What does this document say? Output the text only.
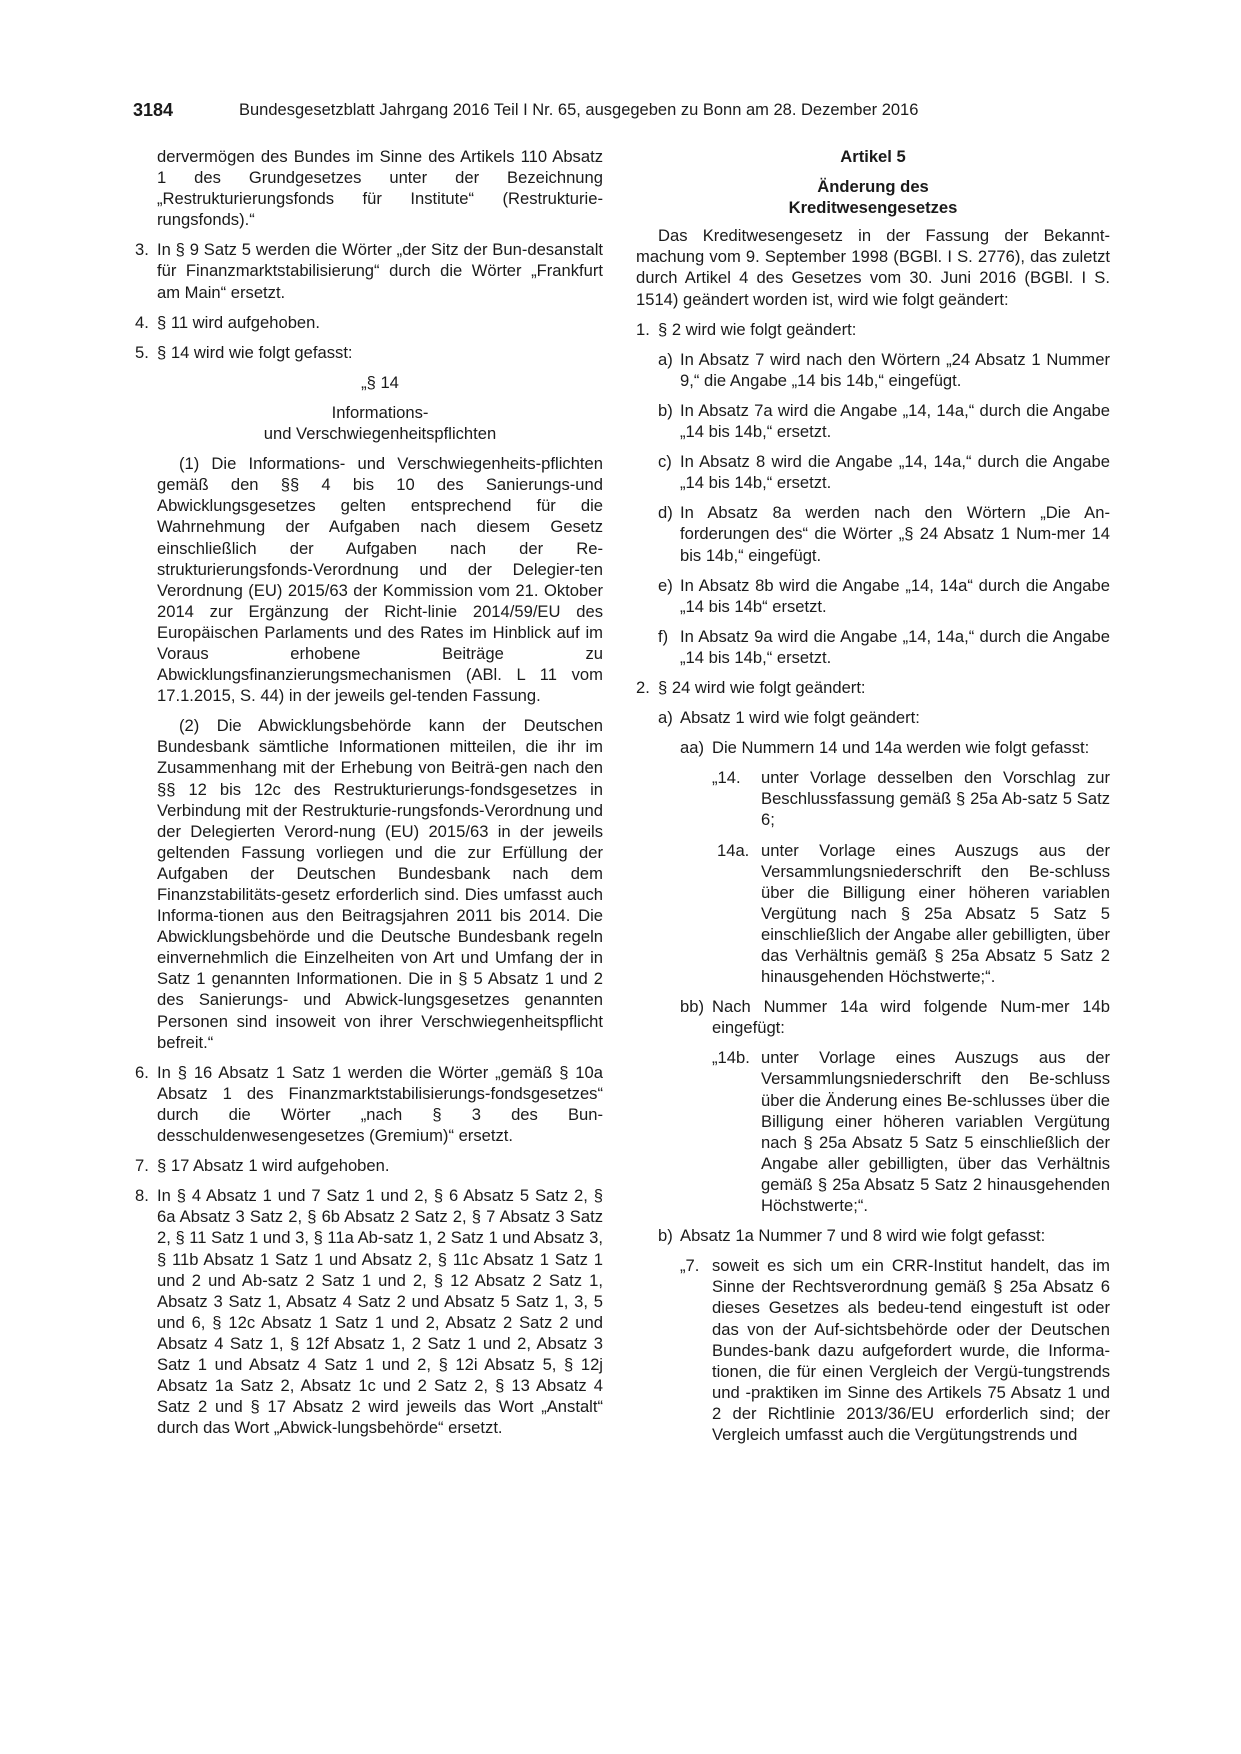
3184	Bundesgesetzblatt Jahrgang 2016 Teil I Nr. 65, ausgegeben zu Bonn am 28. Dezember 2016

dervermögen des Bundes im Sinne des Artikels 110 Absatz 1 des Grundgesetzes unter der Bezeichnung „Restrukturierungsfonds für Institute“ (Restrukturie-​rungsfonds).“

3. In § 9 Satz 5 werden die Wörter „der Sitz der Bun-​desanstalt für Finanzmarktstabilisierung“ durch die Wörter „Frankfurt am Main“ ersetzt.

4. § 11 wird aufgehoben.

5. § 14 wird wie folgt gefasst:

„§ 14

Informations-

und Verschwiegenheitspflichten

(1) Die Informations- und Verschwiegenheits-​pflichten gemäß den §§ 4 bis 10 des Sanierungs-​und Abwicklungsgesetzes gelten entsprechend für die Wahrnehmung der Aufgaben nach diesem Gesetz einschließlich der Aufgaben nach der Re-​strukturierungsfonds-Verordnung und der Delegier-​ten Verordnung (EU) 2015/63 der Kommission vom 21. Oktober 2014 zur Ergänzung der Richt-​linie 2014/59/EU des Europäischen Parlaments und des Rates im Hinblick auf im Voraus erhobene Beiträge zu Abwicklungsfinanzierungsmechanismen (ABl. L 11 vom 17.1.2015, S. 44) in der jeweils gel-​tenden Fassung.

(2) Die Abwicklungsbehörde kann der Deutschen Bundesbank sämtliche Informationen mitteilen, die ihr im Zusammenhang mit der Erhebung von Beiträ-​gen nach den §§ 12 bis 12c des Restrukturierungs-​fondsgesetzes in Verbindung mit der Restrukturie-​rungsfonds-Verordnung und der Delegierten Verord-​nung (EU) 2015/63 in der jeweils geltenden Fassung vorliegen und die zur Erfüllung der Aufgaben der Deutschen Bundesbank nach dem Finanzstabilitäts-​gesetz erforderlich sind. Dies umfasst auch Informa-​tionen aus den Beitragsjahren 2011 bis 2014. Die Abwicklungsbehörde und die Deutsche Bundesbank regeln einvernehmlich die Einzelheiten von Art und Umfang der in Satz 1 genannten Informationen. Die in § 5 Absatz 1 und 2 des Sanierungs- und Abwick-​lungsgesetzes genannten Personen sind insoweit von ihrer Verschwiegenheitspflicht befreit.“

6. In § 16 Absatz 1 Satz 1 werden die Wörter „gemäß § 10a Absatz 1 des Finanzmarktstabilisierungs-​fondsgesetzes“ durch die Wörter „nach § 3 des Bun-​desschuldenwesengesetzes (Gremium)“ ersetzt.

7. § 17 Absatz 1 wird aufgehoben.

8. In § 4 Absatz 1 und 7 Satz 1 und 2, § 6 Absatz 5 Satz 2, § 6a Absatz 3 Satz 2, § 6b Absatz 2 Satz 2, § 7 Absatz 3 Satz 2, § 11 Satz 1 und 3, § 11a Ab-​satz 1, 2 Satz 1 und Absatz 3, § 11b Absatz 1 Satz 1 und Absatz 2, § 11c Absatz 1 Satz 1 und 2 und Ab-​satz 2 Satz 1 und 2, § 12 Absatz 2 Satz 1, Absatz 3 Satz 1, Absatz 4 Satz 2 und Absatz 5 Satz 1, 3, 5 und 6, § 12c Absatz 1 Satz 1 und 2, Absatz 2 Satz 2 und Absatz 4 Satz 1, § 12f Absatz 1, 2 Satz 1 und 2, Absatz 3 Satz 1 und Absatz 4 Satz 1 und 2, § 12i Absatz 5, § 12j Absatz 1a Satz 2, Absatz 1c und 2 Satz 2, § 13 Absatz 4 Satz 2 und § 17 Absatz 2 wird jeweils das Wort „Anstalt“ durch das Wort „Abwick-​lungsbehörde“ ersetzt.

Artikel 5

Änderung des

Kreditwesengesetzes

Das Kreditwesengesetz in der Fassung der Bekannt-​machung vom 9. September 1998 (BGBl. I S. 2776), das zuletzt durch Artikel 4 des Gesetzes vom 30. Juni 2016 (BGBl. I S. 1514) geändert worden ist, wird wie folgt geändert:

1. § 2 wird wie folgt geändert:

a) In Absatz 7 wird nach den Wörtern „24 Absatz 1 Nummer 9,“ die Angabe „14 bis 14b,“ eingefügt.

b) In Absatz 7a wird die Angabe „14, 14a,“ durch die Angabe „14 bis 14b,“ ersetzt.

c) In Absatz 8 wird die Angabe „14, 14a,“ durch die Angabe „14 bis 14b,“ ersetzt.

d) In Absatz 8a werden nach den Wörtern „Die An-​forderungen des“ die Wörter „§ 24 Absatz 1 Num-​mer 14 bis 14b,“ eingefügt.

e) In Absatz 8b wird die Angabe „14, 14a“ durch die Angabe „14 bis 14b“ ersetzt.

f) In Absatz 9a wird die Angabe „14, 14a,“ durch die Angabe „14 bis 14b,“ ersetzt.

2. § 24 wird wie folgt geändert:

a) Absatz 1 wird wie folgt geändert:

aa) Die Nummern 14 und 14a werden wie folgt gefasst:

„14.	unter Vorlage desselben den Vorschlag zur Beschlussfassung gemäß § 25a Ab-​satz 5 Satz 6;

14a. unter Vorlage eines Auszugs aus der Versammlungsniederschrift den Be-​schluss über die Billigung einer höheren variablen Vergütung nach § 25a Absatz 5 Satz 5 einschließlich der Angabe aller gebilligten, über das Verhältnis gemäß § 25a Absatz 5 Satz 2 hinausgehenden Höchstwerte;“.

bb) Nach Nummer 14a wird folgende Num-​mer 14b eingefügt:

„14b. unter Vorlage eines Auszugs aus der Versammlungsniederschrift den Be-​schluss über die Änderung eines Be-​schlusses über die Billigung einer höheren variablen Vergütung nach § 25a Absatz 5 Satz 5 einschließlich der Angabe aller gebilligten, über das Verhältnis gemäß § 25a Absatz 5 Satz 2 hinausgehenden Höchstwerte;“.

b) Absatz 1a Nummer 7 und 8 wird wie folgt gefasst:

„7. soweit es sich um ein CRR-Institut handelt, das im Sinne der Rechtsverordnung gemäß § 25a Absatz 6 dieses Gesetzes als bedeu-​tend eingestuft ist oder das von der Auf-​sichtsbehörde oder der Deutschen Bundes-​bank dazu aufgefordert wurde, die Informa-​tionen, die für einen Vergleich der Vergü-​tungstrends und -praktiken im Sinne des Artikels 75 Absatz 1 und 2 der Richtlinie 2013/36/EU erforderlich sind; der Vergleich umfasst auch die Vergütungstrends und
